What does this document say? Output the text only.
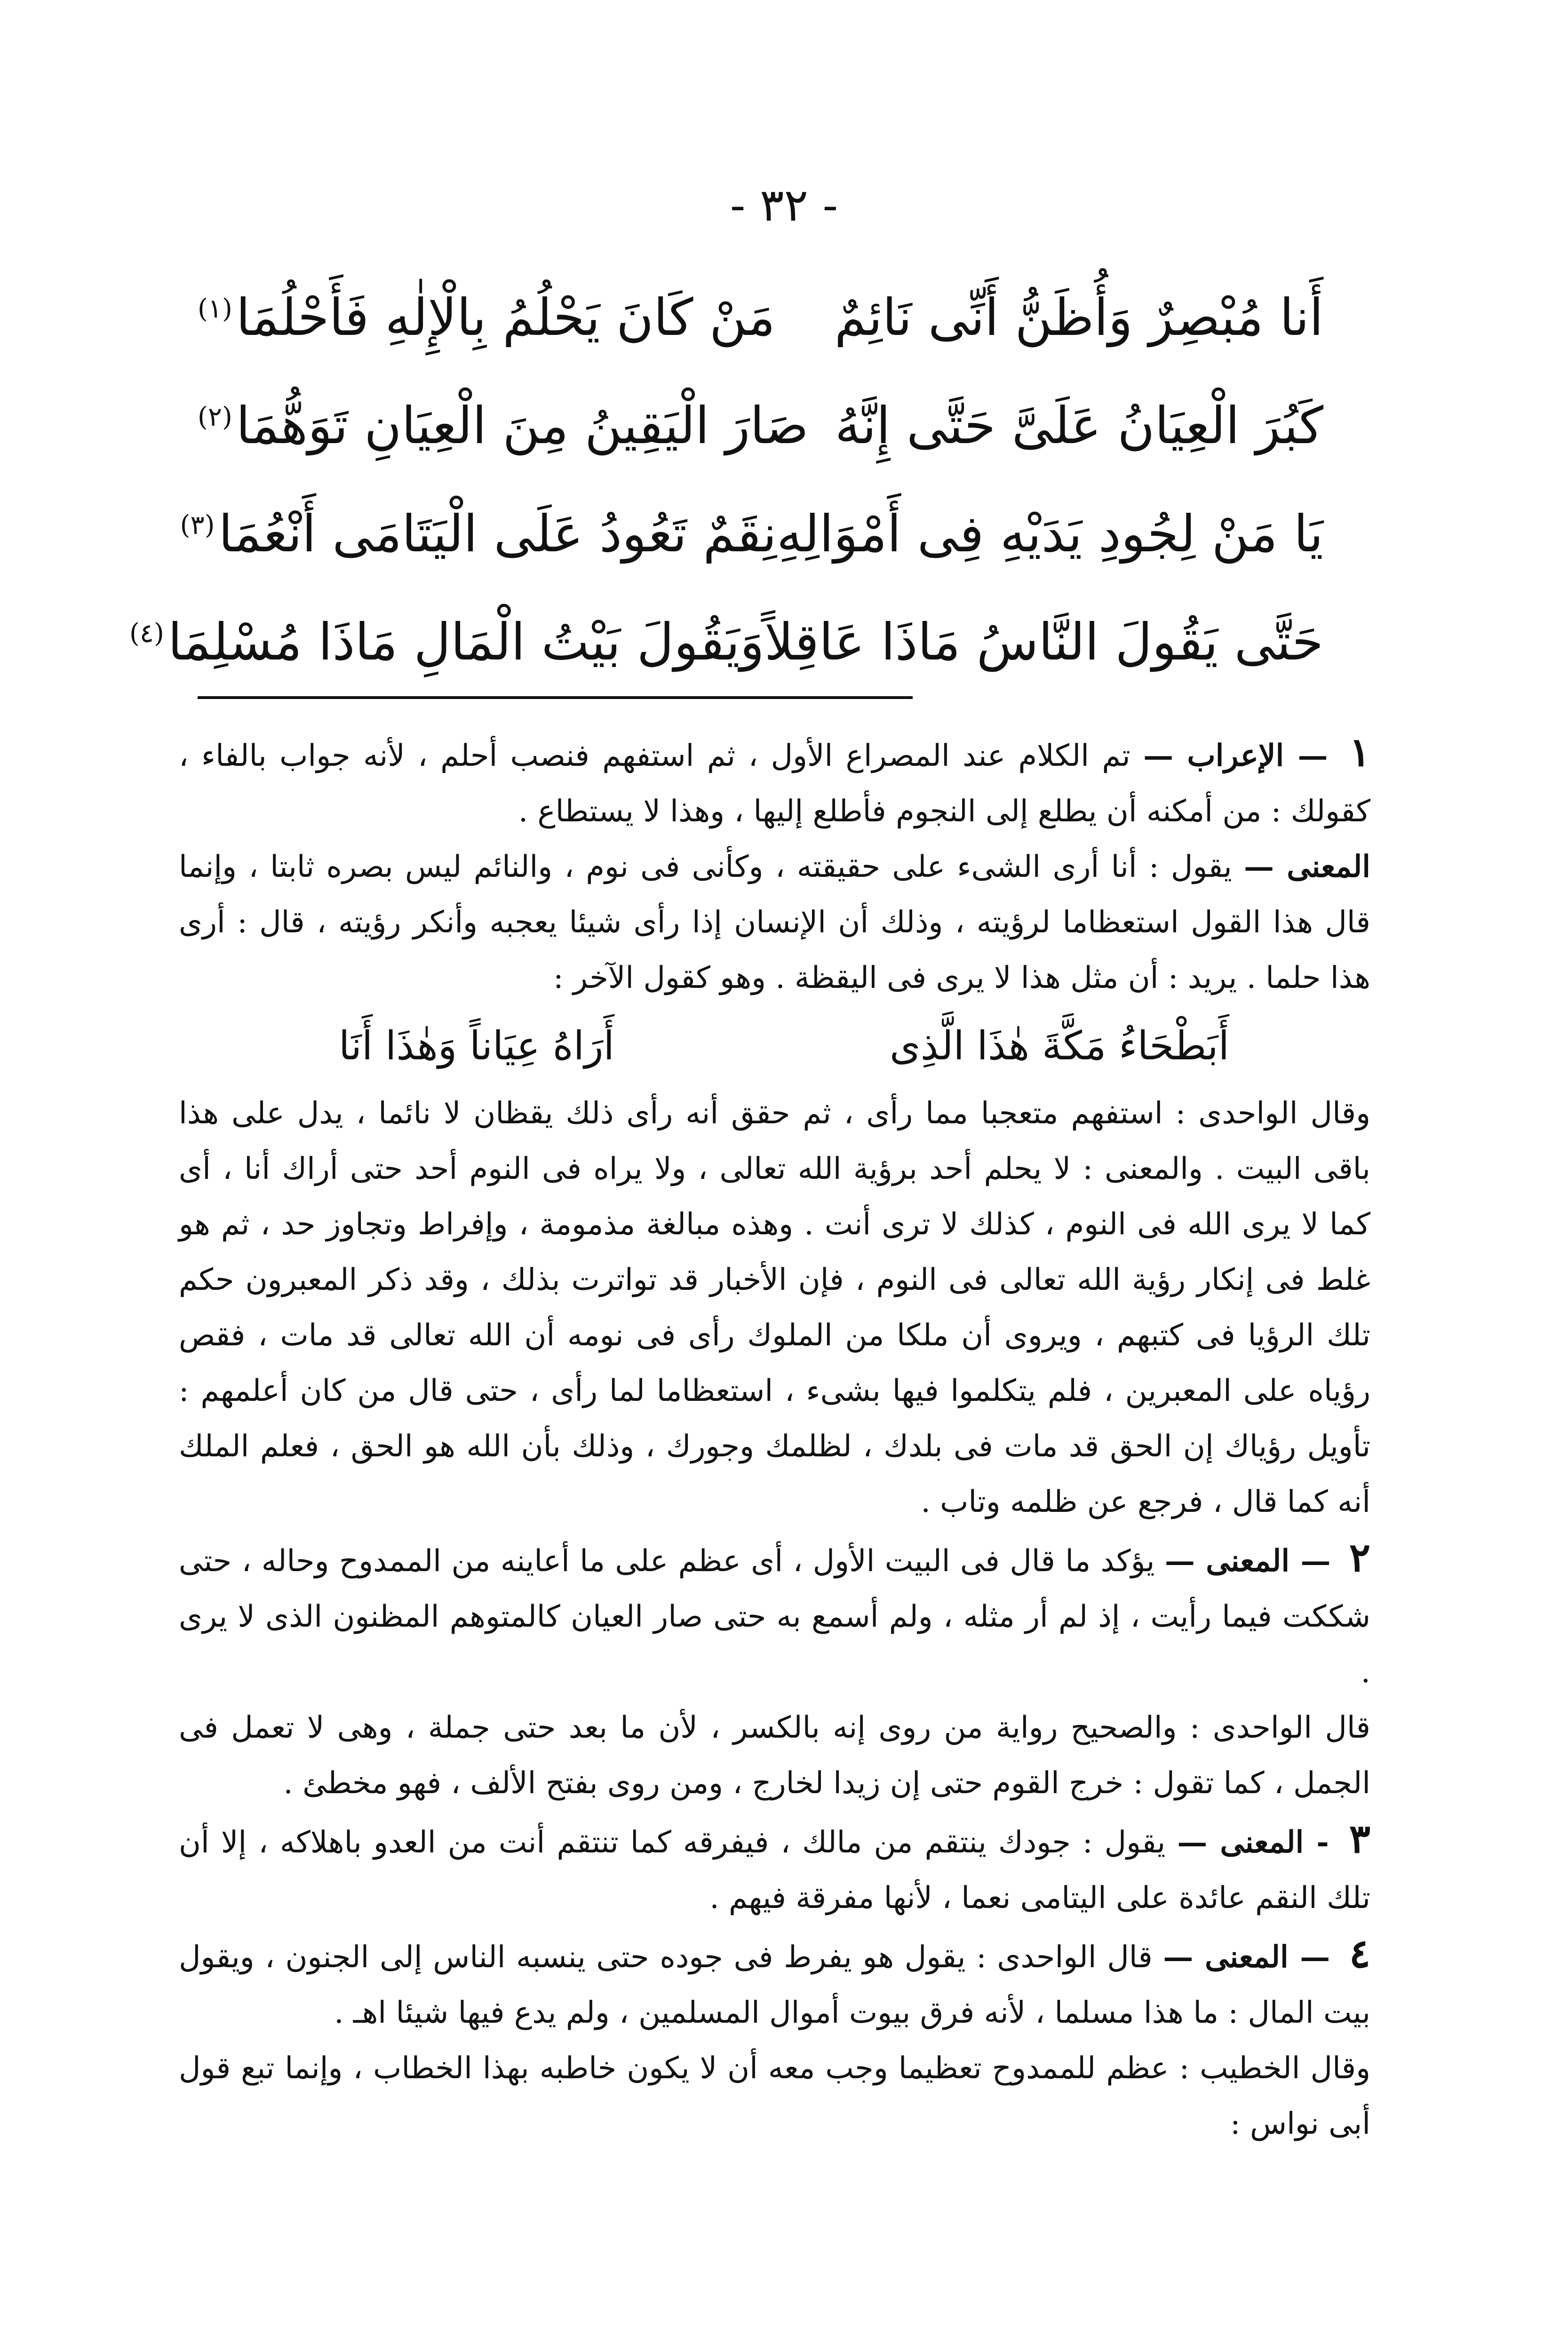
- ٣٢ -
أَنا مُبْصِرٌ وَأُظَنُّ أَنِّى نَائِمٌ
مَنْ كَانَ يَحْلُمُ بِالْإِلٰهِ فَأَحْلُمَا$^{(١)}$
كَبُرَ الْعِيَانُ عَلَىَّ حَتَّى إِنَّهُ
صَارَ الْيَقِينُ مِنَ الْعِيَانِ تَوَهُّمَا$^{(٢)}$
يَا مَنْ لِجُودِ يَدَيْهِ فِى أَمْوَالِهِ
نِقَمٌ تَعُودُ عَلَى الْيَتَامَى أَنْعُمَا$^{(٣)}$
حَتَّى يَقُولَ النَّاسُ مَاذَا عَاقِلاً
وَيَقُولَ بَيْتُ الْمَالِ مَاذَا مُسْلِمَا$^{(٤)}$

١ — الإعراب — تم الكلام عند المصراع الأول ، ثم استفهم فنصب أحلم ، لأنه جواب بالفاء ، كقولك : من أمكنه أن يطلع إلى النجوم فأطلع إليها ، وهذا لا يستطاع .

المعنى — يقول : أنا أرى الشىء على حقيقته ، وكأنى فى نوم ، والنائم ليس بصره ثابتا ، وإنما قال هذا القول استعظاما لرؤيته ، وذلك أن الإنسان إذا رأى شيئا يعجبه وأنكر رؤيته ، قال : أرى هذا حلما . يريد : أن مثل هذا لا يرى فى اليقظة . وهو كقول الآخر :

أَبَطْحَاءُ مَكَّةَ هٰذَا الَّذِى
أَرَاهُ عِيَاناً وَهٰذَا أَنَا

وقال الواحدى : استفهم متعجبا مما رأى ، ثم حقق أنه رأى ذلك يقظان لا نائما ، يدل على هذا باقى البيت . والمعنى : لا يحلم أحد برؤية الله تعالى ، ولا يراه فى النوم أحد حتى أراك أنا ، أى كما لا يرى الله فى النوم ، كذلك لا ترى أنت . وهذه مبالغة مذمومة ، وإفراط وتجاوز حد ، ثم هو غلط فى إنكار رؤية الله تعالى فى النوم ، فإن الأخبار قد تواترت بذلك ، وقد ذكر المعبرون حكم تلك الرؤيا فى كتبهم ، ويروى أن ملكا من الملوك رأى فى نومه أن الله تعالى قد مات ، فقص رؤياه على المعبرين ، فلم يتكلموا فيها بشىء ، استعظاما لما رأى ، حتى قال من كان أعلمهم : تأويل رؤياك إن الحق قد مات فى بلدك ، لظلمك وجورك ، وذلك بأن الله هو الحق ، فعلم الملك أنه كما قال ، فرجع عن ظلمه وتاب .

٢ — المعنى — يؤكد ما قال فى البيت الأول ، أى عظم على ما أعاينه من الممدوح وحاله ، حتى شككت فيما رأيت ، إذ لم أر مثله ، ولم أسمع به حتى صار العيان كالمتوهم المظنون الذى لا يرى .

قال الواحدى : والصحيح رواية من روى إنه بالكسر ، لأن ما بعد حتى جملة ، وهى لا تعمل فى الجمل ، كما تقول : خرج القوم حتى إن زيدا لخارج ، ومن روى بفتح الألف ، فهو مخطئ .

٣ - المعنى — يقول : جودك ينتقم من مالك ، فيفرقه كما تنتقم أنت من العدو باهلاكه ، إلا أن تلك النقم عائدة على اليتامى نعما ، لأنها مفرقة فيهم .

٤ — المعنى — قال الواحدى : يقول هو يفرط فى جوده حتى ينسبه الناس إلى الجنون ، ويقول بيت المال : ما هذا مسلما ، لأنه فرق بيوت أموال المسلمين ، ولم يدع فيها شيئا اهـ .

وقال الخطيب : عظم للممدوح تعظيما وجب معه أن لا يكون خاطبه بهذا الخطاب ، وإنما تبع قول أبى نواس :
